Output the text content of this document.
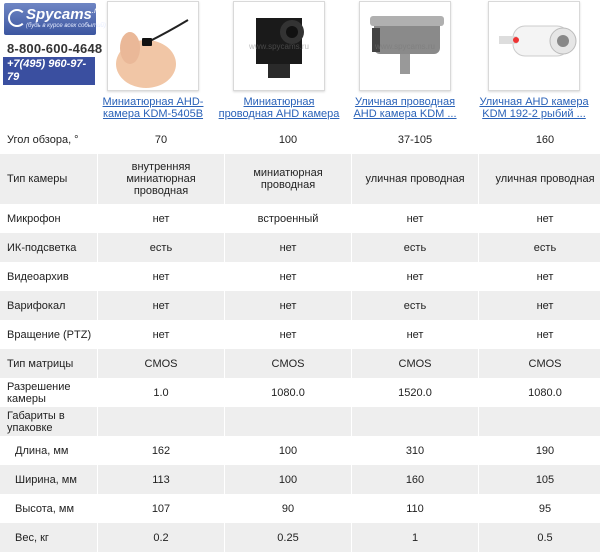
Spycams$^{.ru}$
(будь в курсе всех событий)
8-800-600-4648
+7(495) 960-97-79
+7(495) 720-69-77	Миниатюрная AHD-камера KDM-5405B
www.spycams.ru
Миниатюрная проводная AHD камера
www.spycams.ru
Уличная проводная AHD камера KDM ...
Уличная AHD камера KDM 192-2 рыбий ...
Угол обзора, °	70	100	37-105	160
Тип камеры	внутренняя миниатюрная проводная	миниатюрная проводная	уличная проводная	уличная проводная
Микрофон	нет	встроенный	нет	нет
ИК-подсветка	есть	нет	есть	есть
Видеоархив	нет	нет	нет	нет
Варифокал	нет	нет	есть	нет
Вращение (PTZ)	нет	нет	нет	нет
Тип матрицы	CMOS	CMOS	CMOS	CMOS
Разрешение камеры	1.0	1080.0	1520.0	1080.0
Габариты в упаковке				
Длина, мм	162	100	310	190
Ширина, мм	113	100	160	105
Высота, мм	107	90	110	95
Вес, кг	0.2	0.25	1	0.5
